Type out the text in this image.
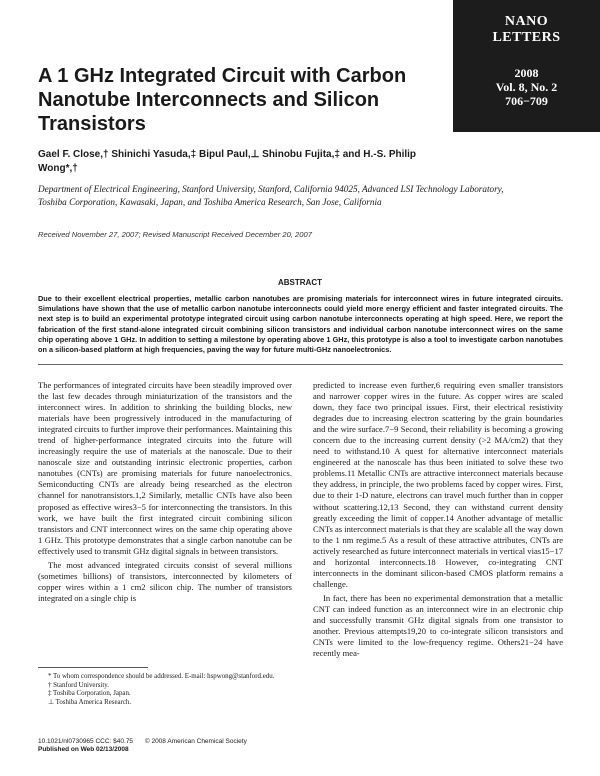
NANO
LETTERS
2008
Vol. 8, No. 2
706−709
A 1 GHz Integrated Circuit with Carbon Nanotube Interconnects and Silicon Transistors
Gael F. Close,† Shinichi Yasuda,‡ Bipul Paul,⊥ Shinobu Fujita,‡ and H.-S. Philip Wong*,†
Department of Electrical Engineering, Stanford University, Stanford, California 94025, Advanced LSI Technology Laboratory, Toshiba Corporation, Kawasaki, Japan, and Toshiba America Research, San Jose, California
Received November 27, 2007; Revised Manuscript Received December 20, 2007
ABSTRACT
Due to their excellent electrical properties, metallic carbon nanotubes are promising materials for interconnect wires in future integrated circuits. Simulations have shown that the use of metallic carbon nanotube interconnects could yield more energy efficient and faster integrated circuits. The next step is to build an experimental prototype integrated circuit using carbon nanotube interconnects operating at high speed. Here, we report the fabrication of the first stand-alone integrated circuit combining silicon transistors and individual carbon nanotube interconnect wires on the same chip operating above 1 GHz. In addition to setting a milestone by operating above 1 GHz, this prototype is also a tool to investigate carbon nanotubes on a silicon-based platform at high frequencies, paving the way for future multi-GHz nanoelectronics.

The performances of integrated circuits have been steadily improved over the last few decades through miniaturization of the transistors and the interconnect wires. In addition to shrinking the building blocks, new materials have been progressively introduced in the manufacturing of integrated circuits to further improve their performances. Maintaining this trend of higher-performance integrated circuits into the future will increasingly require the use of materials at the nanoscale. Due to their nanoscale size and outstanding intrinsic electronic properties, carbon nanotubes (CNTs) are promising materials for future nanoelectronics. Semiconducting CNTs are already being researched as the electron channel for nanotransistors.1,2 Similarly, metallic CNTs have also been proposed as effective wires3−5 for interconnecting the transistors. In this work, we have built the first integrated circuit combining silicon transistors and CNT interconnect wires on the same chip operating above 1 GHz. This prototype demonstrates that a single carbon nanotube can be effectively used to transmit GHz digital signals in between transistors.

The most advanced integrated circuits consist of several millions (sometimes billions) of transistors, interconnected by kilometers of copper wires within a 1 cm2 silicon chip. The number of transistors integrated on a single chip is

predicted to increase even further,6 requiring even smaller transistors and narrower copper wires in the future. As copper wires are scaled down, they face two principal issues. First, their electrical resistivity degrades due to increasing electron scattering by the grain boundaries and the wire surface.7−9 Second, their reliability is becoming a growing concern due to the increasing current density (>2 MA/cm2) that they need to withstand.10 A quest for alternative interconnect materials engineered at the nanoscale has thus been initiated to solve these two problems.11 Metallic CNTs are attractive interconnect materials because they address, in principle, the two problems faced by copper wires. First, due to their 1-D nature, electrons can travel much further than in copper without scattering.12,13 Second, they can withstand current density greatly exceeding the limit of copper.14 Another advantage of metallic CNTs as interconnect materials is that they are scalable all the way down to the 1 nm regime.5 As a result of these attractive attributes, CNTs are actively researched as future interconnect materials in vertical vias15−17 and horizontal interconnects.18 However, co-integrating CNT interconnects in the dominant silicon-based CMOS platform remains a challenge.

In fact, there has been no experimental demonstration that a metallic CNT can indeed function as an interconnect wire in an electronic chip and successfully transmit GHz digital signals from one transistor to another. Previous attempts19,20 to co-integrate silicon transistors and CNTs were limited to the low-frequency regime. Others21−24 have recently mea-

* To whom correspondence should be addressed. E-mail: hspwong@stanford.edu.
† Stanford University.
‡ Toshiba Corporation, Japan.
⊥ Toshiba America Research.
10.1021/nl0730965 CCC: $40.75 © 2008 American Chemical Society
Published on Web 02/13/2008
